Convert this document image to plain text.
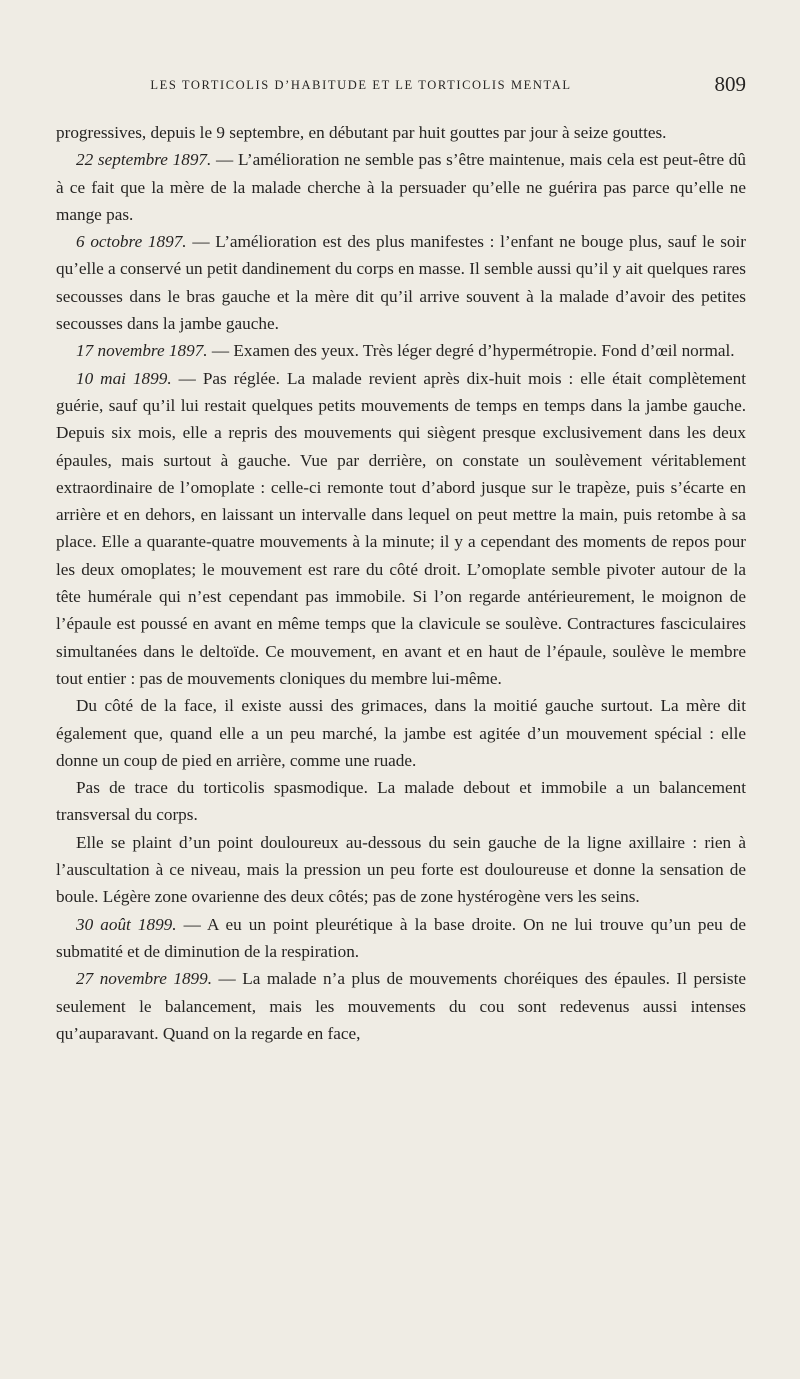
LES TORTICOLIS D’HABITUDE ET LE TORTICOLIS MENTAL	809

progressives, depuis le 9 septembre, en débutant par huit gouttes par jour à seize gouttes.

22 septembre 1897. — L’amélioration ne semble pas s’être maintenue, mais cela est peut-être dû à ce fait que la mère de la malade cherche à la persuader qu’elle ne guérira pas parce qu’elle ne mange pas.

6 octobre 1897. — L’amélioration est des plus manifestes : l’enfant ne bouge plus, sauf le soir qu’elle a conservé un petit dandinement du corps en masse. Il semble aussi qu’il y ait quelques rares secousses dans le bras gauche et la mère dit qu’il arrive souvent à la malade d’avoir des petites secousses dans la jambe gauche.

17 novembre 1897. — Examen des yeux. Très léger degré d’hypermétropie. Fond d’œil normal.

10 mai 1899. — Pas réglée. La malade revient après dix-huit mois : elle était complètement guérie, sauf qu’il lui restait quelques petits mouvements de temps en temps dans la jambe gauche. Depuis six mois, elle a repris des mouvements qui siègent presque exclusivement dans les deux épaules, mais surtout à gauche. Vue par derrière, on constate un soulèvement véritablement extraordinaire de l’omoplate : celle-ci remonte tout d’abord jusque sur le trapèze, puis s’écarte en arrière et en dehors, en laissant un intervalle dans lequel on peut mettre la main, puis retombe à sa place. Elle a quarante-quatre mouvements à la minute; il y a cependant des moments de repos pour les deux omoplates; le mouvement est rare du côté droit. L’omoplate semble pivoter autour de la tête humérale qui n’est cependant pas immobile. Si l’on regarde antérieurement, le moignon de l’épaule est poussé en avant en même temps que la clavicule se soulève. Contractures fasciculaires simultanées dans le deltoïde. Ce mouvement, en avant et en haut de l’épaule, soulève le membre tout entier : pas de mouvements cloniques du membre lui-même.

Du côté de la face, il existe aussi des grimaces, dans la moitié gauche surtout. La mère dit également que, quand elle a un peu marché, la jambe est agitée d’un mouvement spécial : elle donne un coup de pied en arrière, comme une ruade.

Pas de trace du torticolis spasmodique. La malade debout et immobile a un balancement transversal du corps.

Elle se plaint d’un point douloureux au-dessous du sein gauche de la ligne axillaire : rien à l’auscultation à ce niveau, mais la pression un peu forte est douloureuse et donne la sensation de boule. Légère zone ovarienne des deux côtés; pas de zone hystérogène vers les seins.

30 août 1899. — A eu un point pleurétique à la base droite. On ne lui trouve qu’un peu de submatité et de diminution de la respiration.

27 novembre 1899. — La malade n’a plus de mouvements choréiques des épaules. Il persiste seulement le balancement, mais les mouvements du cou sont redevenus aussi intenses qu’auparavant. Quand on la regarde en face,
